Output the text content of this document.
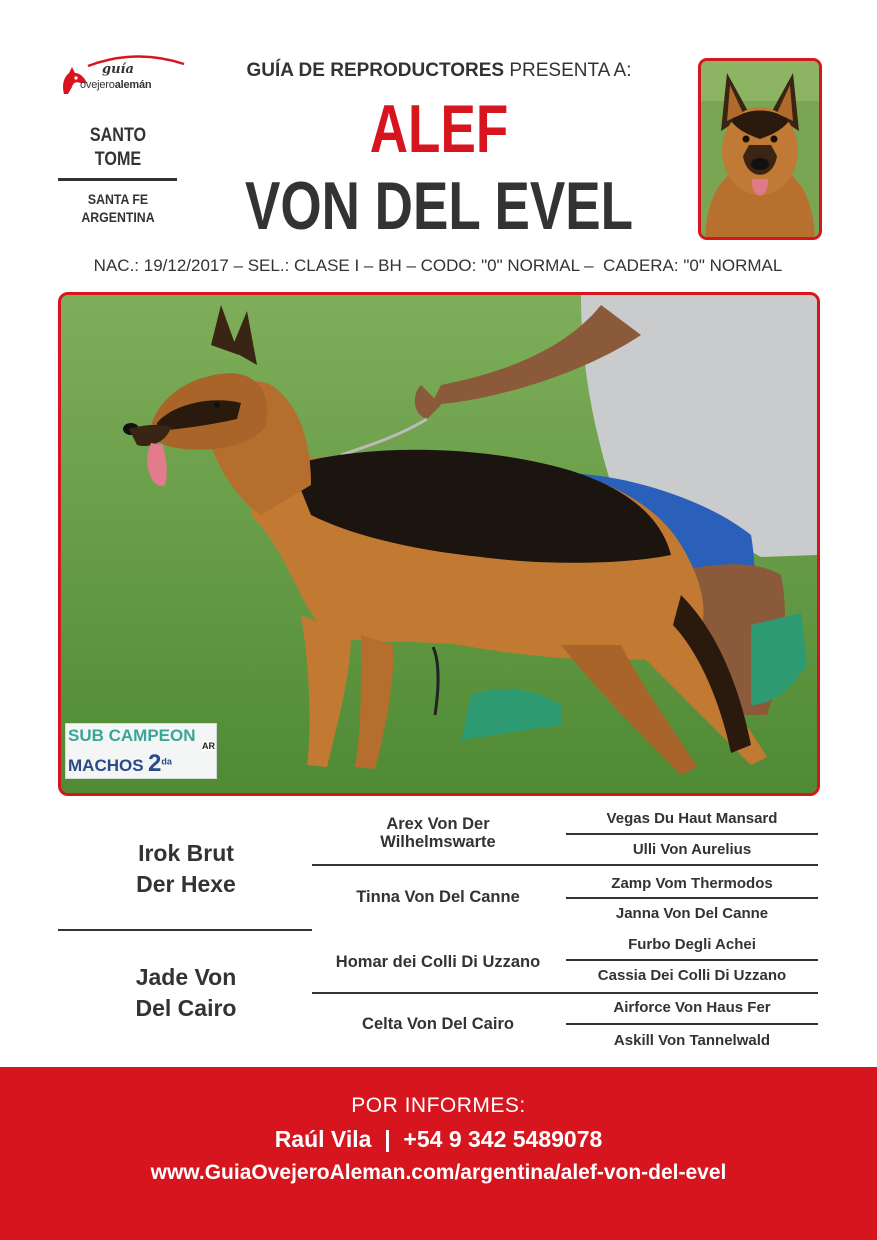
guía
ovejeroalemán
SANTO
TOME
SANTA FE
ARGENTINA
GUÍA DE REPRODUCTORES PRESENTA A:
ALEF
VON DEL EVEL
NAC.: 19/12/2017 – SEL.: CLASE I – BH – CODO: "0" NORMAL –  CADERA: "0" NORMAL
SUB CAMPEON
AR
MACHOS $2^{da}$
Irok Brut
Der Hexe
Jade Von
Del Cairo
Arex Von Der
Wilhelmswarte
Tinna Von Del Canne
Homar dei Colli Di Uzzano
Celta Von Del Cairo
Vegas Du Haut Mansard
Ulli Von Aurelius
Zamp Vom Thermodos
Janna Von Del Canne
Furbo Degli Achei
Cassia Dei Colli Di Uzzano
Airforce Von Haus Fer
Askill Von Tannelwald
POR INFORMES:
Raúl Vila  |  +54 9 342 5489078
www.GuiaOvejeroAleman.com/argentina/alef-von-del-evel
